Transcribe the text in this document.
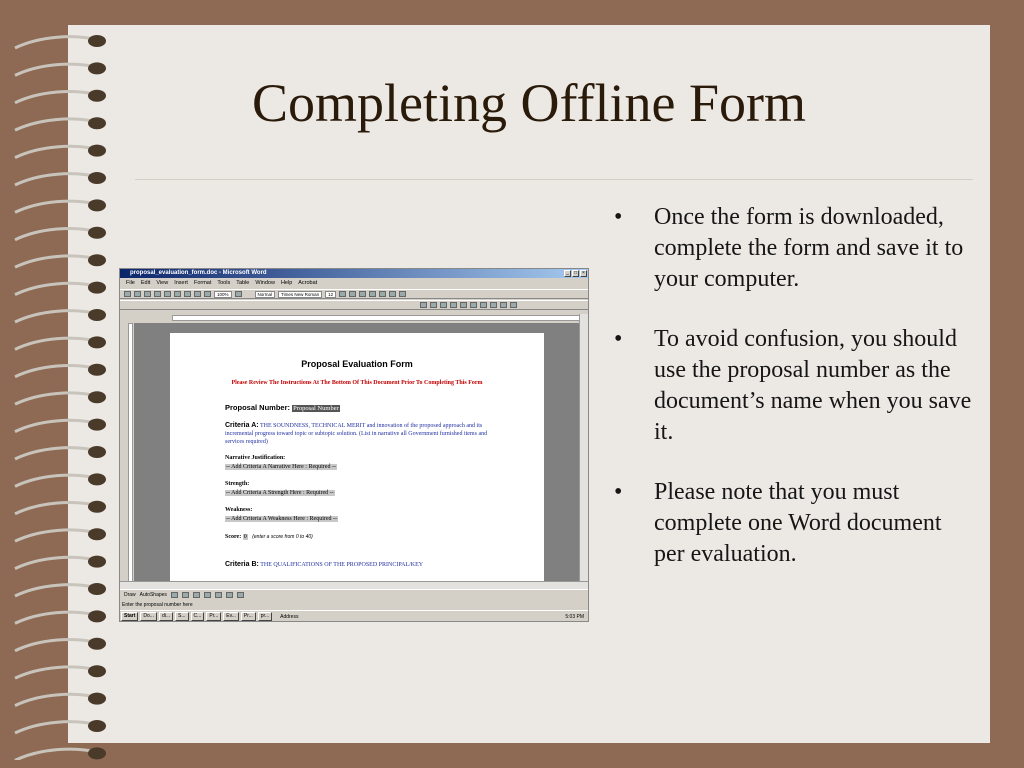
Completing Offline Form
•	Once the form is downloaded, complete the form and save it to your computer.
•	To avoid confusion, you should use the proposal number as the document’s name when you save it.
•	Please note that you must complete one Word document per evaluation.
proposal_evaluation_form.doc - Microsoft Word	_	□	×
File Edit View Insert Format Tools Table Window Help Acrobat
100%	Normal	Times New Roman	12
Proposal Evaluation Form
Please Review The Instructions At The Bottom Of This Document Prior To Completing This Form
Proposal Number: Proposal Number
Criteria A: THE SOUNDNESS, TECHNICAL MERIT and innovation of the proposed approach and its incremental progress toward topic or subtopic solution. (List in narrative all Government furnished items and services required)
Narrative Justification:
-- Add Criteria A Narrative Here : Required --
Strength:
-- Add Criteria A Strength Here : Required --
Weakness:
-- Add Criteria A Weakness Here : Required --
Score: 0 (enter a score from 0 to 40)
Criteria B: THE QUALIFICATIONS OF THE PROPOSED PRINCIPAL/KEY
Draw AutoShapes
Enter the proposal number here
Start	Do...	di...	S...	C...	Pr...	Ev...	Pr...	pr...	Address	5:03 PM
